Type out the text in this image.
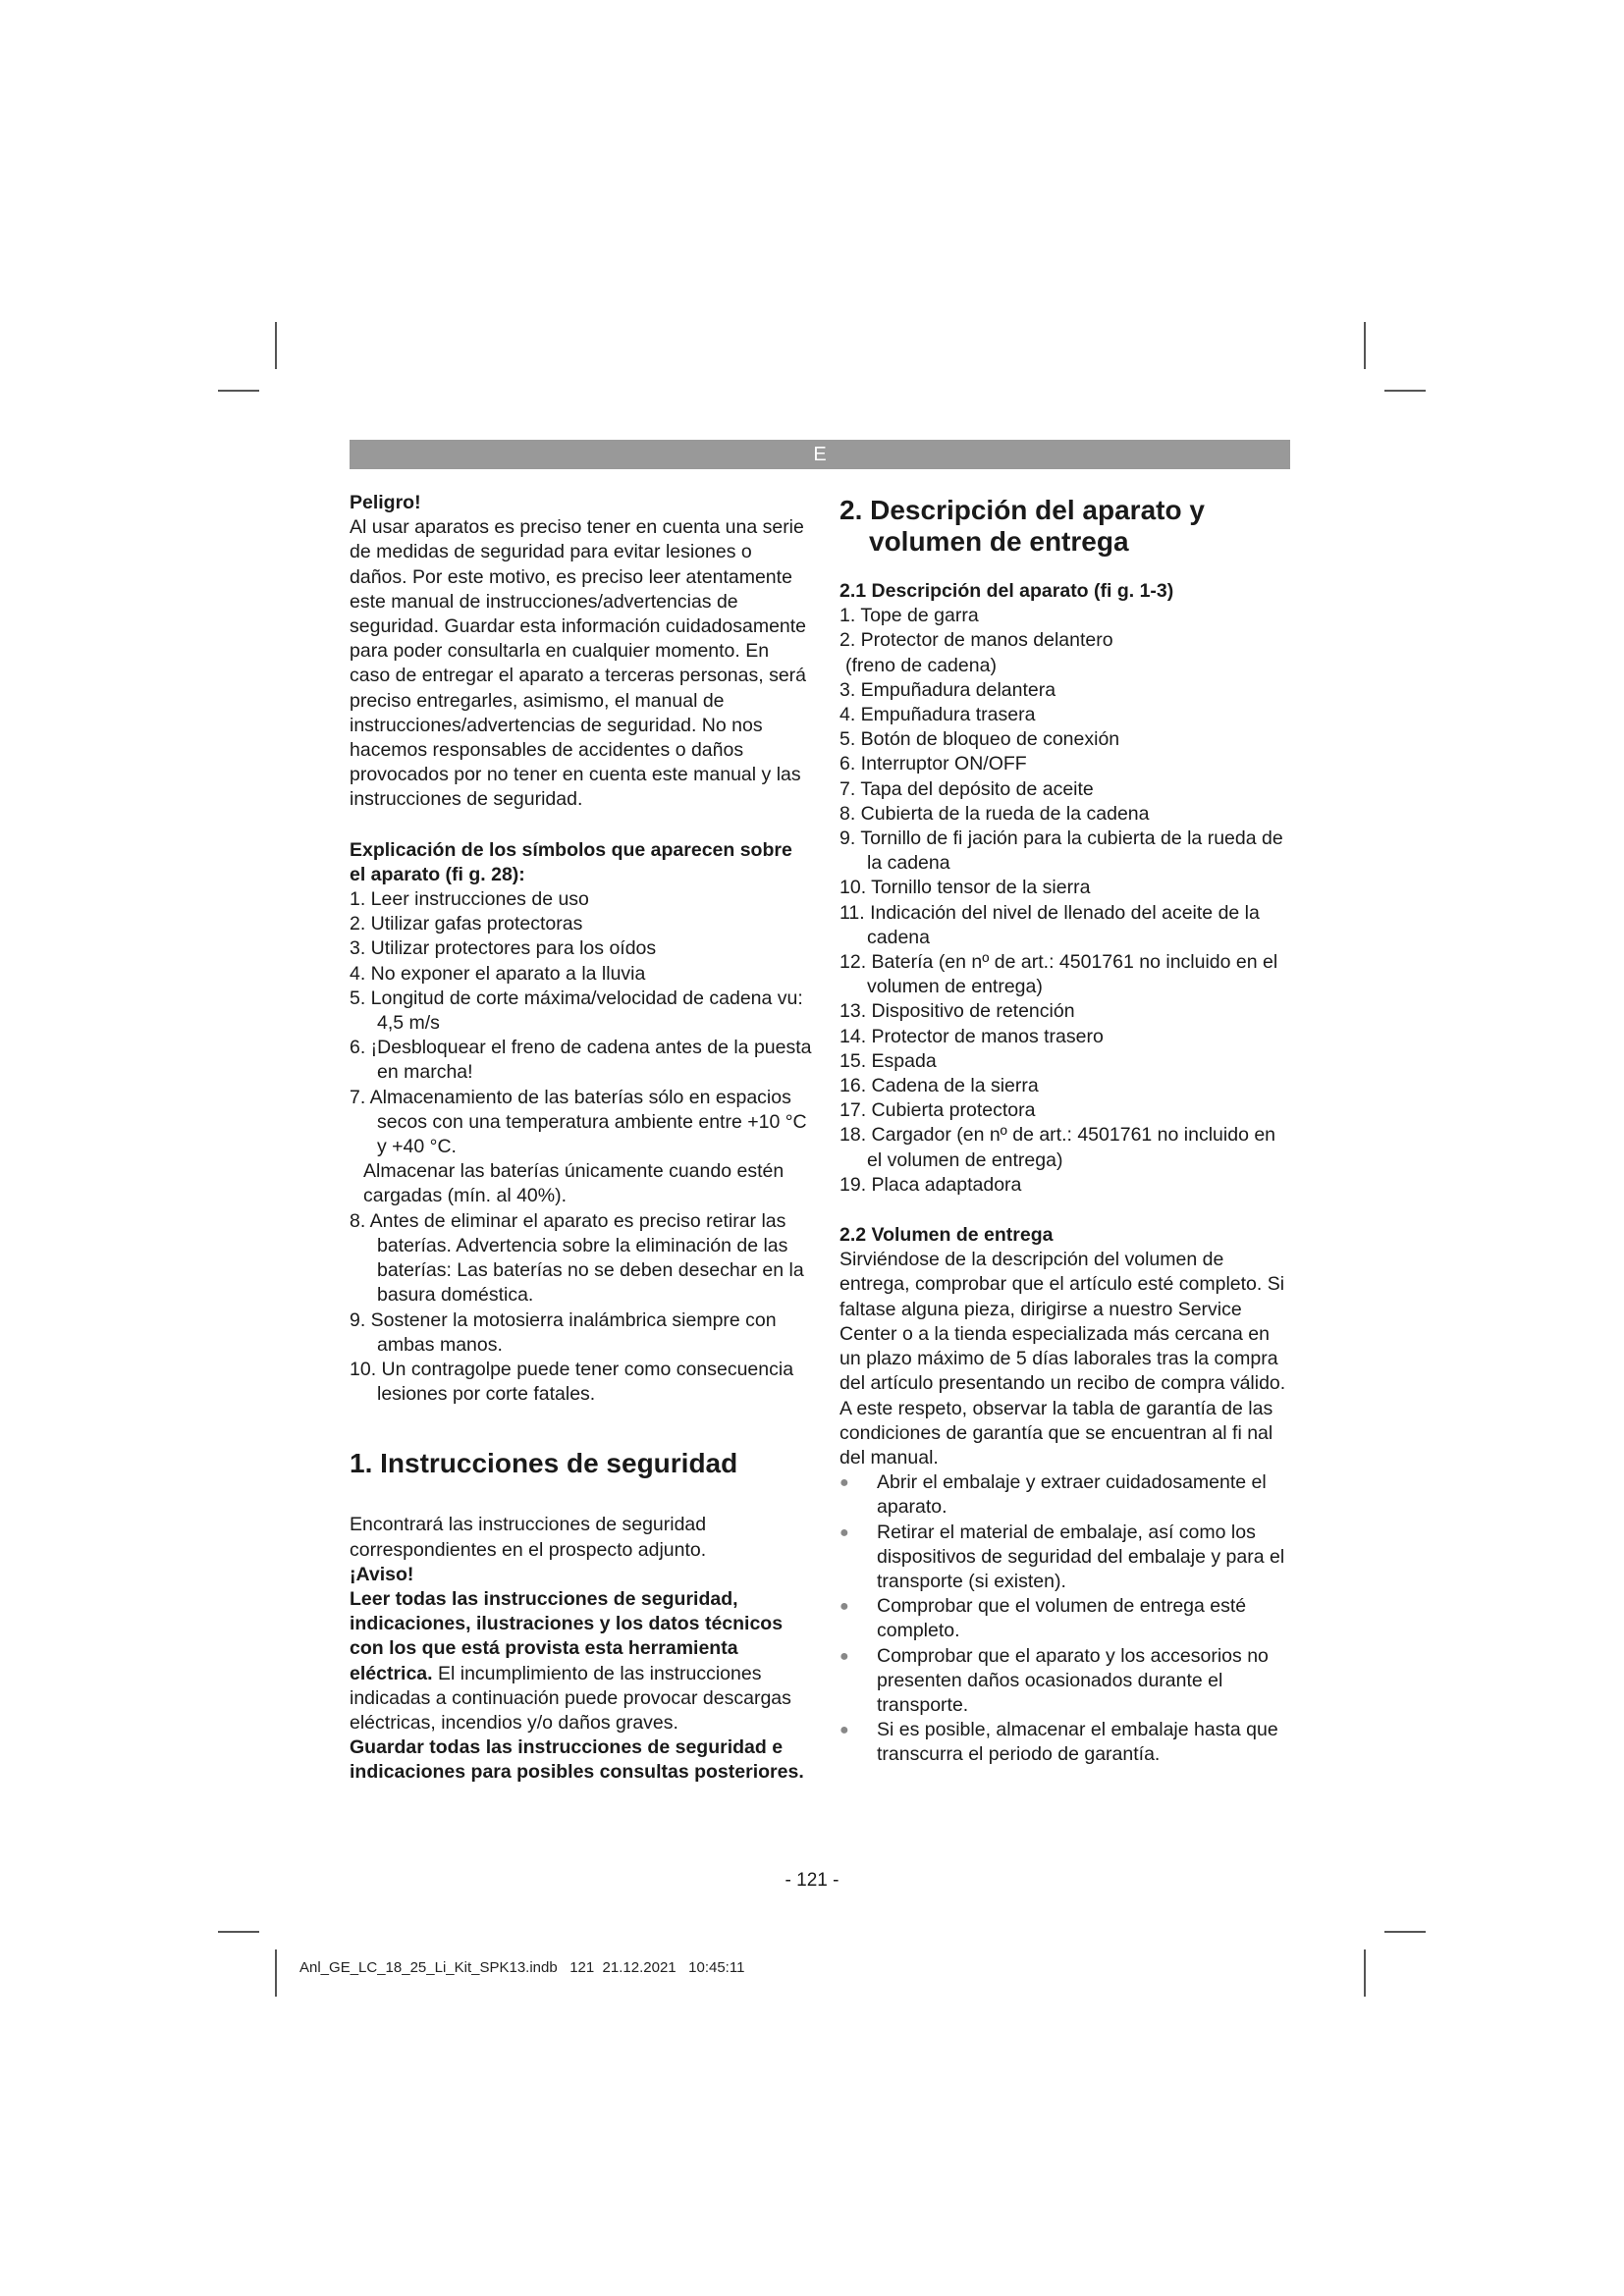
E

Peligro!

Al usar aparatos es preciso tener en cuenta una serie de medidas de seguridad para evitar lesiones o daños. Por este motivo, es preciso leer atentamente este manual de instrucciones/advertencias de seguridad. Guardar esta información cuidadosamente para poder consultarla en cualquier momento. En caso de entregar el aparato a terceras personas, será preciso entregarles, asimismo, el manual de instrucciones/advertencias de seguridad. No nos hacemos responsables de accidentes o daños provocados por no tener en cuenta este manual y las instrucciones de seguridad.

Explicación de los símbolos que aparecen sobre el aparato (fi g. 28):

1. Leer instrucciones de uso
2. Utilizar gafas protectoras
3. Utilizar protectores para los oídos
4. No exponer el aparato a la lluvia
5. Longitud de corte máxima/velocidad de cadena vu: 4,5 m/s
6. ¡Desbloquear el freno de cadena antes de la puesta en marcha!
7. Almacenamiento de las baterías sólo en espacios secos con una temperatura ambiente entre +10 °C y +40 °C.
Almacenar las baterías únicamente cuando estén cargadas (mín. al 40%).
8. Antes de eliminar el aparato es preciso retirar las baterías. Advertencia sobre la eliminación de las baterías: Las baterías no se deben desechar en la basura doméstica.
9. Sostener la motosierra inalámbrica siempre con ambas manos.
10. Un contragolpe puede tener como consecuencia lesiones por corte fatales.
1. Instrucciones de seguridad

Encontrará las instrucciones de seguridad correspondientes en el prospecto adjunto.

¡Aviso!

Leer todas las instrucciones de seguridad, indicaciones, ilustraciones y los datos técnicos con los que está provista esta herramienta eléctrica. El incumplimiento de las instrucciones indicadas a continuación puede provocar descargas eléctricas, incendios y/o daños graves.

Guardar todas las instrucciones de seguridad e indicaciones para posibles consultas posteriores.

2. Descripción del aparato y
volumen de entrega

2.1 Descripción del aparato (fi g. 1-3)

1. Tope de garra
2. Protector de manos delantero
(freno de cadena)
3. Empuñadura delantera
4. Empuñadura trasera
5. Botón de bloqueo de conexión
6. Interruptor ON/OFF
7. Tapa del depósito de aceite
8. Cubierta de la rueda de la cadena
9. Tornillo de fi jación para la cubierta de la rueda de la cadena
10. Tornillo tensor de la sierra
11. Indicación del nivel de llenado del aceite de la cadena
12. Batería (en nº de art.: 4501761 no incluido en el volumen de entrega)
13. Dispositivo de retención
14. Protector de manos trasero
15. Espada
16. Cadena de la sierra
17. Cubierta protectora
18. Cargador (en nº de art.: 4501761 no incluido en el volumen de entrega)
19. Placa adaptadora

2.2 Volumen de entrega

Sirviéndose de la descripción del volumen de entrega, comprobar que el artículo esté completo. Si faltase alguna pieza, dirigirse a nuestro Service Center o a la tienda especializada más cercana en un plazo máximo de 5 días laborales tras la compra del artículo presentando un recibo de compra válido. A este respeto, observar la tabla de garantía de las condiciones de garantía que se encuentran al fi nal del manual.

● Abrir el embalaje y extraer cuidadosamente el aparato.
● Retirar el material de embalaje, así como los dispositivos de seguridad del embalaje y para el transporte (si existen).
● Comprobar que el volumen de entrega esté completo.
● Comprobar que el aparato y los accesorios no presenten daños ocasionados durante el transporte.
● Si es posible, almacenar el embalaje hasta que transcurra el periodo de garantía.
- 121 -
Anl_GE_LC_18_25_Li_Kit_SPK13.indb   121  21.12.2021   10:45:11
